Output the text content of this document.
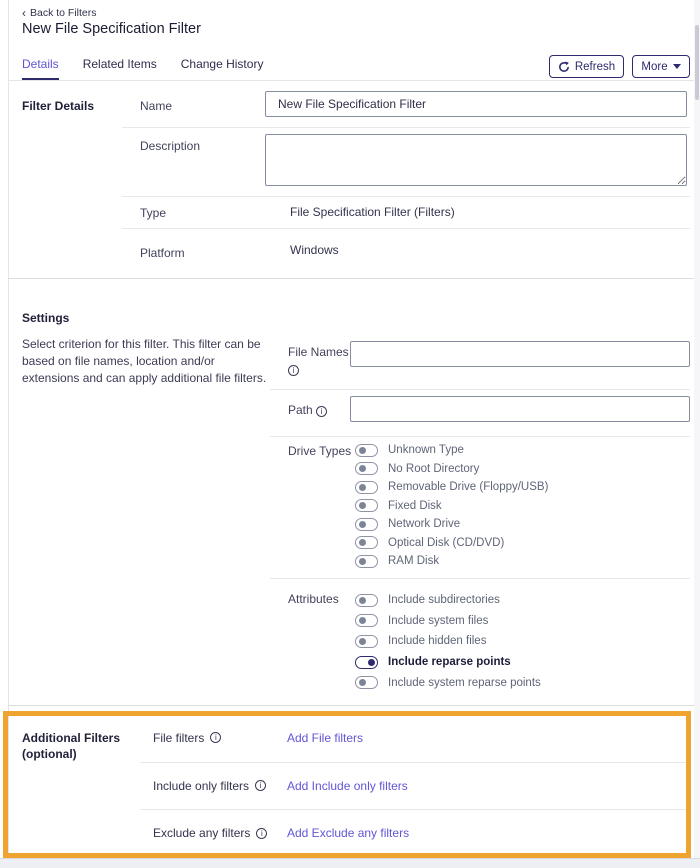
‹ Back to Filters
New File Specification Filter
Details Related Items Change History	Refresh More
Filter Details	Name
New File Specification Filter
Description
Type	File Specification Filter (Filters)
Platform	Windows
Settings
Select criterion for this filter. This filter can be based on file names, location and/or extensions and can apply additional file filters.
File Names
i
Path i
Drive Types	Unknown Type
No Root Directory
Removable Drive (Floppy/USB)
Fixed Disk
Network Drive
Optical Disk (CD/DVD)
RAM Disk
Attributes	Include subdirectories
Include system files
Include hidden files
Include reparse points
Include system reparse points
Additional Filters (optional)
File filters	i	Add File filters
Include only filters	i	Add Include only filters
Exclude any filters	i	Add Exclude any filters
